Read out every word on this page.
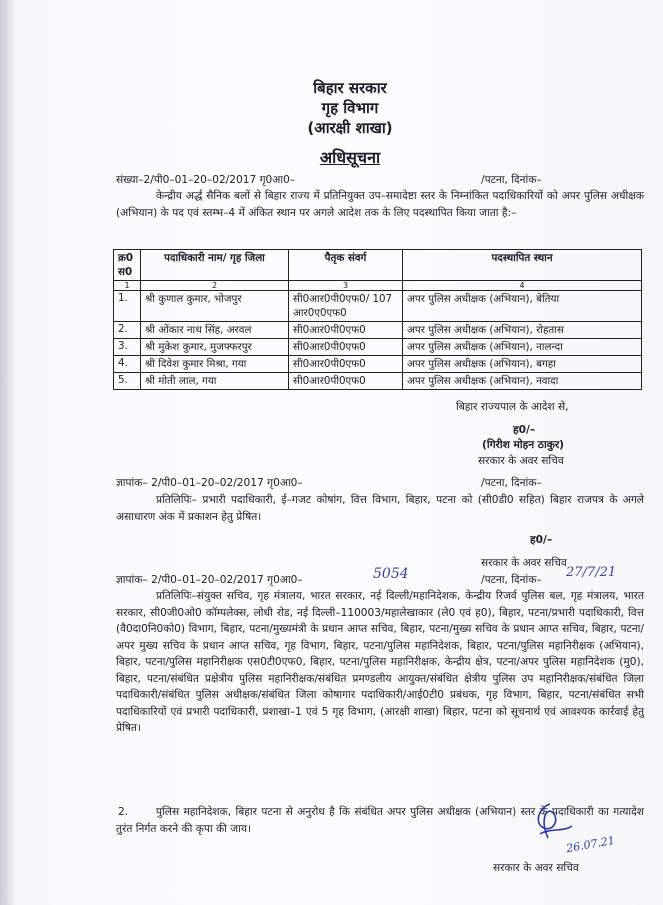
बिहार सरकार
गृह विभाग
(आरक्षी शाखा)
अधिसूचना
संख्या–2/पी0–01–20–02/2017 गृ0आ0–	/पटना, दिनांक–
केन्द्रीय अर्द्ध सैनिक बलों से बिहार राज्य में प्रतिनियुक्त उप–समादेष्टा स्तर के निम्नांकित पदाधिकारियों को अपर पुलिस अधीक्षक (अभियान) के पद एवं स्तम्भ–4 में अंकित स्थान पर अगले आदेश तक के लिए पदस्थापित किया जाता है:–
क्र0 स0	पदाधिकारी नाम/ गृह जिला	पैतृक संवर्ग	पदस्थापित स्थान
1	2	3	4
1.	श्री कुणाल कुमार, भोजपुर	सी0आर0पी0एफ0/ 107 आर0ए0एफ0	अपर पुलिस अधीक्षक (अभियान), बेतिया
2.	श्री ओंकार नाथ सिंह, अरवल	सी0आर0पी0एफ0	अपर पुलिस अधीक्षक (अभियान), रोहतास
3.	श्री मुकेश कुमार, मुजफ्फरपुर	सी0आर0पी0एफ0	अपर पुलिस अधीक्षक (अभियान), नालन्दा
4.	श्री दिवेश कुमार मिश्रा, गया	सी0आर0पी0एफ0	अपर पुलिस अधीक्षक (अभियान), बगहा
5.	श्री मोती लाल, गया	सी0आर0पी0एफ0	अपर पुलिस अधीक्षक (अभियान), नवादा
बिहार राज्यपाल के आदेश से,
ह0/–
(गिरीश मोहन ठाकुर)
सरकार के अवर सचिव
ज्ञापांक– 2/पी0–01–20–02/2017 गृ0आ0–	/पटना, दिनांक–
प्रतिलिपिः– प्रभारी पदाधिकारी, ई–गजट कोषांग, वित्त विभाग, बिहार, पटना को (सी0डी0 सहित) बिहार राजपत्र के अगले असाधारण अंक में प्रकाशन हेतु प्रेषित।
ह0/–
सरकार के अवर सचिव
ज्ञापांक– 2/पी0–01–20–02/2017 गृ0आ0–	5054	/पटना, दिनांक– 27/7/21
प्रतिलिपिः–संयुक्त सचिव, गृह मंत्रालय, भारत सरकार, नई दिल्ली/महानिदेशक, केन्द्रीय रिजर्व पुलिस बल, गृह मंत्रालय, भारत सरकार, सी0जी0ओ0 कॉम्पलेक्स, लोधी रोड, नई दिल्ली–110003/महालेखाकार (ले0 एवं ह0), बिहार, पटना/प्रभारी पदाधिकारी, वित्त (वै0दा0नि0को0) विभाग, बिहार, पटना/मुख्यमंत्री के प्रधान आप्त सचिव, बिहार, पटना/मुख्य सचिव के प्रधान आप्त सचिव, बिहार, पटना/अपर मुख्य सचिव के प्रधान आप्त सचिव, गृह विभाग, बिहार, पटना/पुलिस महानिदेशक, बिहार, पटना/पुलिस महानिरीक्षक (अभियान), बिहार, पटना/पुलिस महानिरीक्षक एस0टी0एफ0, बिहार, पटना/पुलिस महानिरीक्षक, केन्द्रीय क्षेत्र, पटना/अपर पुलिस महानिदेशक (मु0), बिहार, पटना/संबंधित प्रक्षेत्रीय पुलिस महानिरीक्षक/संबंधित प्रमण्डलीय आयुक्त/संबंधित क्षेत्रीय पुलिस उप महानिरीक्षक/संबंधित जिला पदाधिकारी/संबंधित पुलिस अधीक्षक/संबंधित जिला कोषागार पदाधिकारी/आई0टी0 प्रबंधक, गृह विभाग, बिहार, पटना/संबंधित सभी पदाधिकारियों एवं प्रभारी पदाधिकारी, प्रशाखा–1 एवं 5 गृह विभाग, (आरक्षी शाखा) बिहार, पटना को सूचनार्थ एवं आवश्यक कार्रवाई हेतु प्रेषित।
2.	पुलिस महानिदेशक, बिहार पटना से अनुरोध है कि संबंधित अपर पुलिस अधीक्षक (अभियान) स्तर के पदाधिकारी का गत्यादेश तुरंत निर्गत करने की कृपा की जाय।
26.07.21
सरकार के अवर सचिव
